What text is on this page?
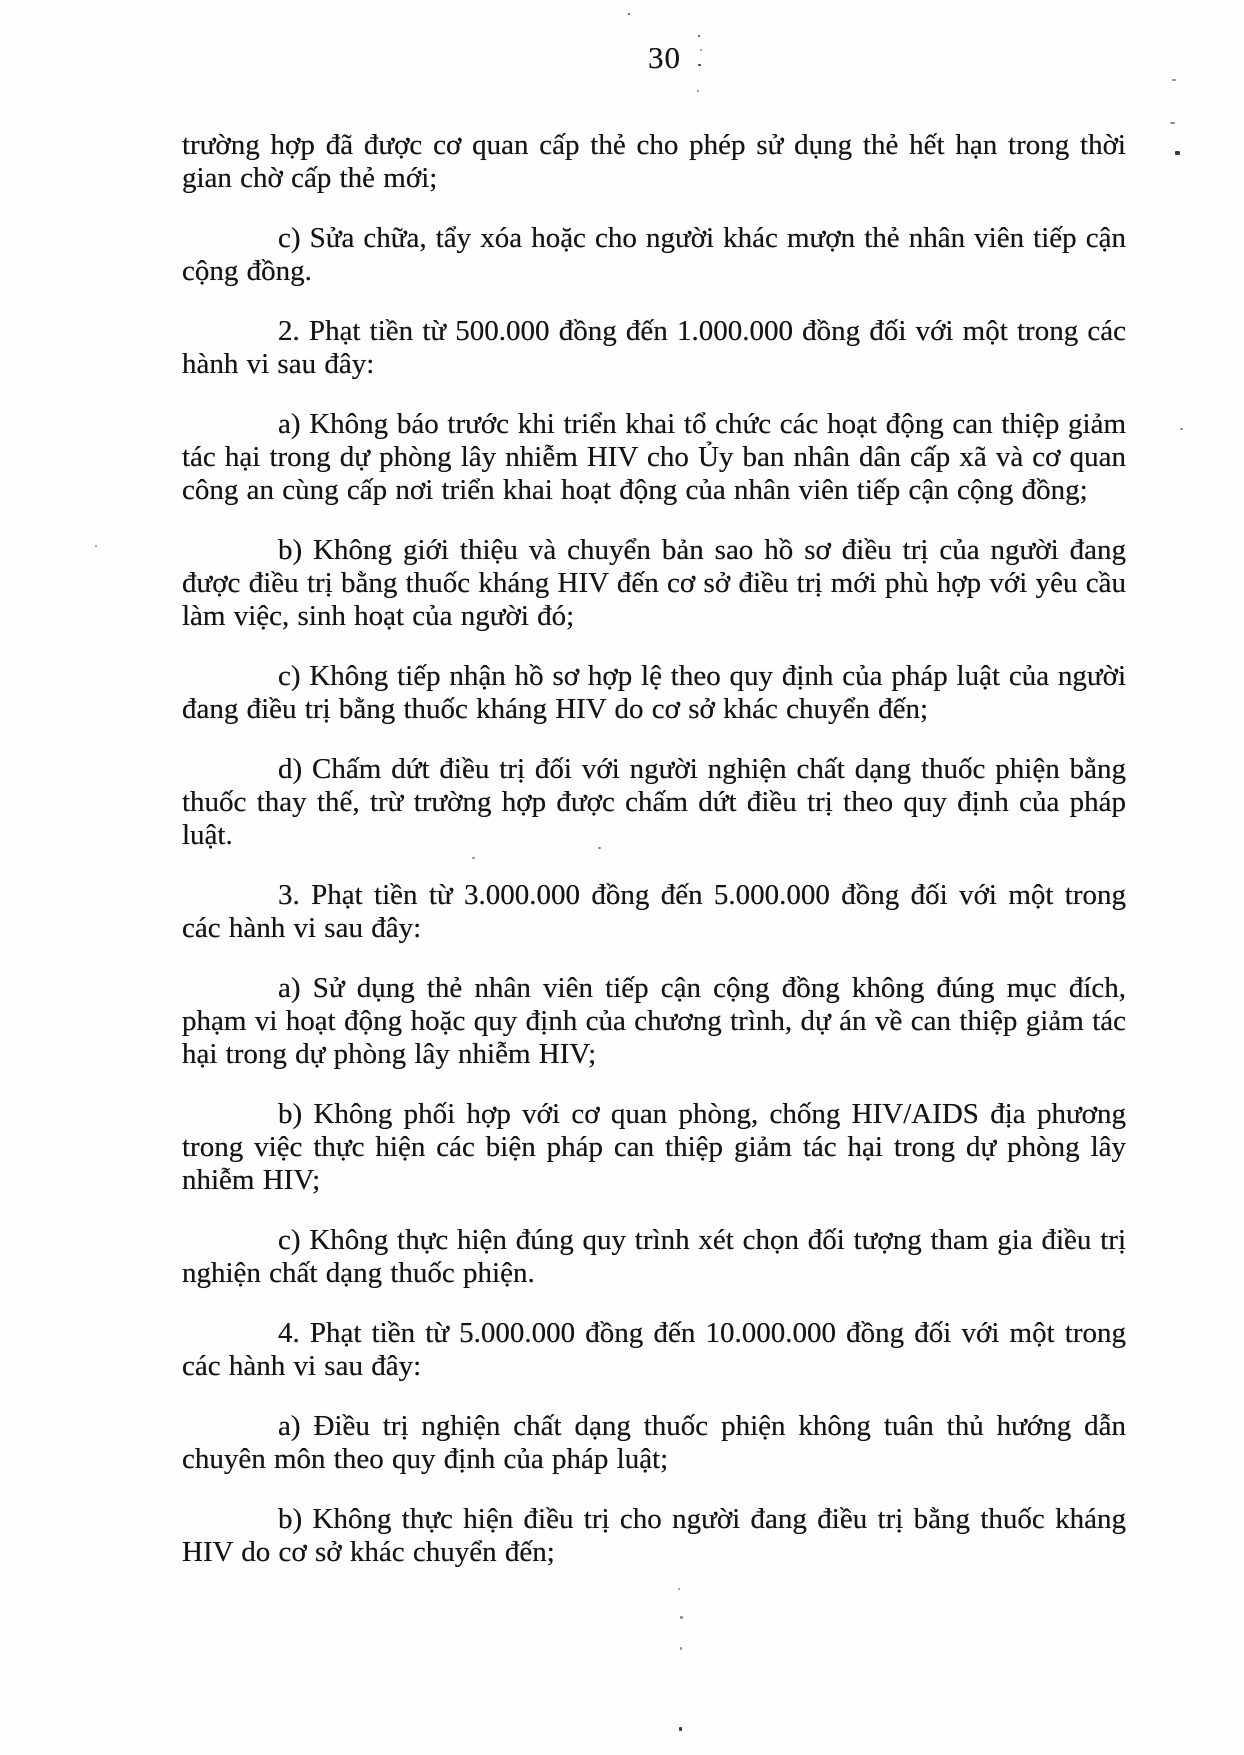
30

trường hợp đã được cơ quan cấp thẻ cho phép sử dụng thẻ hết hạn trong thời gian chờ cấp thẻ mới;

c) Sửa chữa, tẩy xóa hoặc cho người khác mượn thẻ nhân viên tiếp cận cộng đồng.

2. Phạt tiền từ 500.000 đồng đến 1.000.000 đồng đối với một trong các hành vi sau đây:

a) Không báo trước khi triển khai tổ chức các hoạt động can thiệp giảm tác hại trong dự phòng lây nhiễm HIV cho Ủy ban nhân dân cấp xã và cơ quan công an cùng cấp nơi triển khai hoạt động của nhân viên tiếp cận cộng đồng;

b) Không giới thiệu và chuyển bản sao hồ sơ điều trị của người đang được điều trị bằng thuốc kháng HIV đến cơ sở điều trị mới phù hợp với yêu cầu làm việc, sinh hoạt của người đó;

c) Không tiếp nhận hồ sơ hợp lệ theo quy định của pháp luật của người đang điều trị bằng thuốc kháng HIV do cơ sở khác chuyển đến;

d) Chấm dứt điều trị đối với người nghiện chất dạng thuốc phiện bằng thuốc thay thế, trừ trường hợp được chấm dứt điều trị theo quy định của pháp luật.

3. Phạt tiền từ 3.000.000 đồng đến 5.000.000 đồng đối với một trong các hành vi sau đây:

a) Sử dụng thẻ nhân viên tiếp cận cộng đồng không đúng mục đích, phạm vi hoạt động hoặc quy định của chương trình, dự án về can thiệp giảm tác hại trong dự phòng lây nhiễm HIV;

b) Không phối hợp với cơ quan phòng, chống HIV/AIDS địa phương trong việc thực hiện các biện pháp can thiệp giảm tác hại trong dự phòng lây nhiễm HIV;

c) Không thực hiện đúng quy trình xét chọn đối tượng tham gia điều trị nghiện chất dạng thuốc phiện.

4. Phạt tiền từ 5.000.000 đồng đến 10.000.000 đồng đối với một trong các hành vi sau đây:

a) Điều trị nghiện chất dạng thuốc phiện không tuân thủ hướng dẫn chuyên môn theo quy định của pháp luật;

b) Không thực hiện điều trị cho người đang điều trị bằng thuốc kháng HIV do cơ sở khác chuyển đến;
